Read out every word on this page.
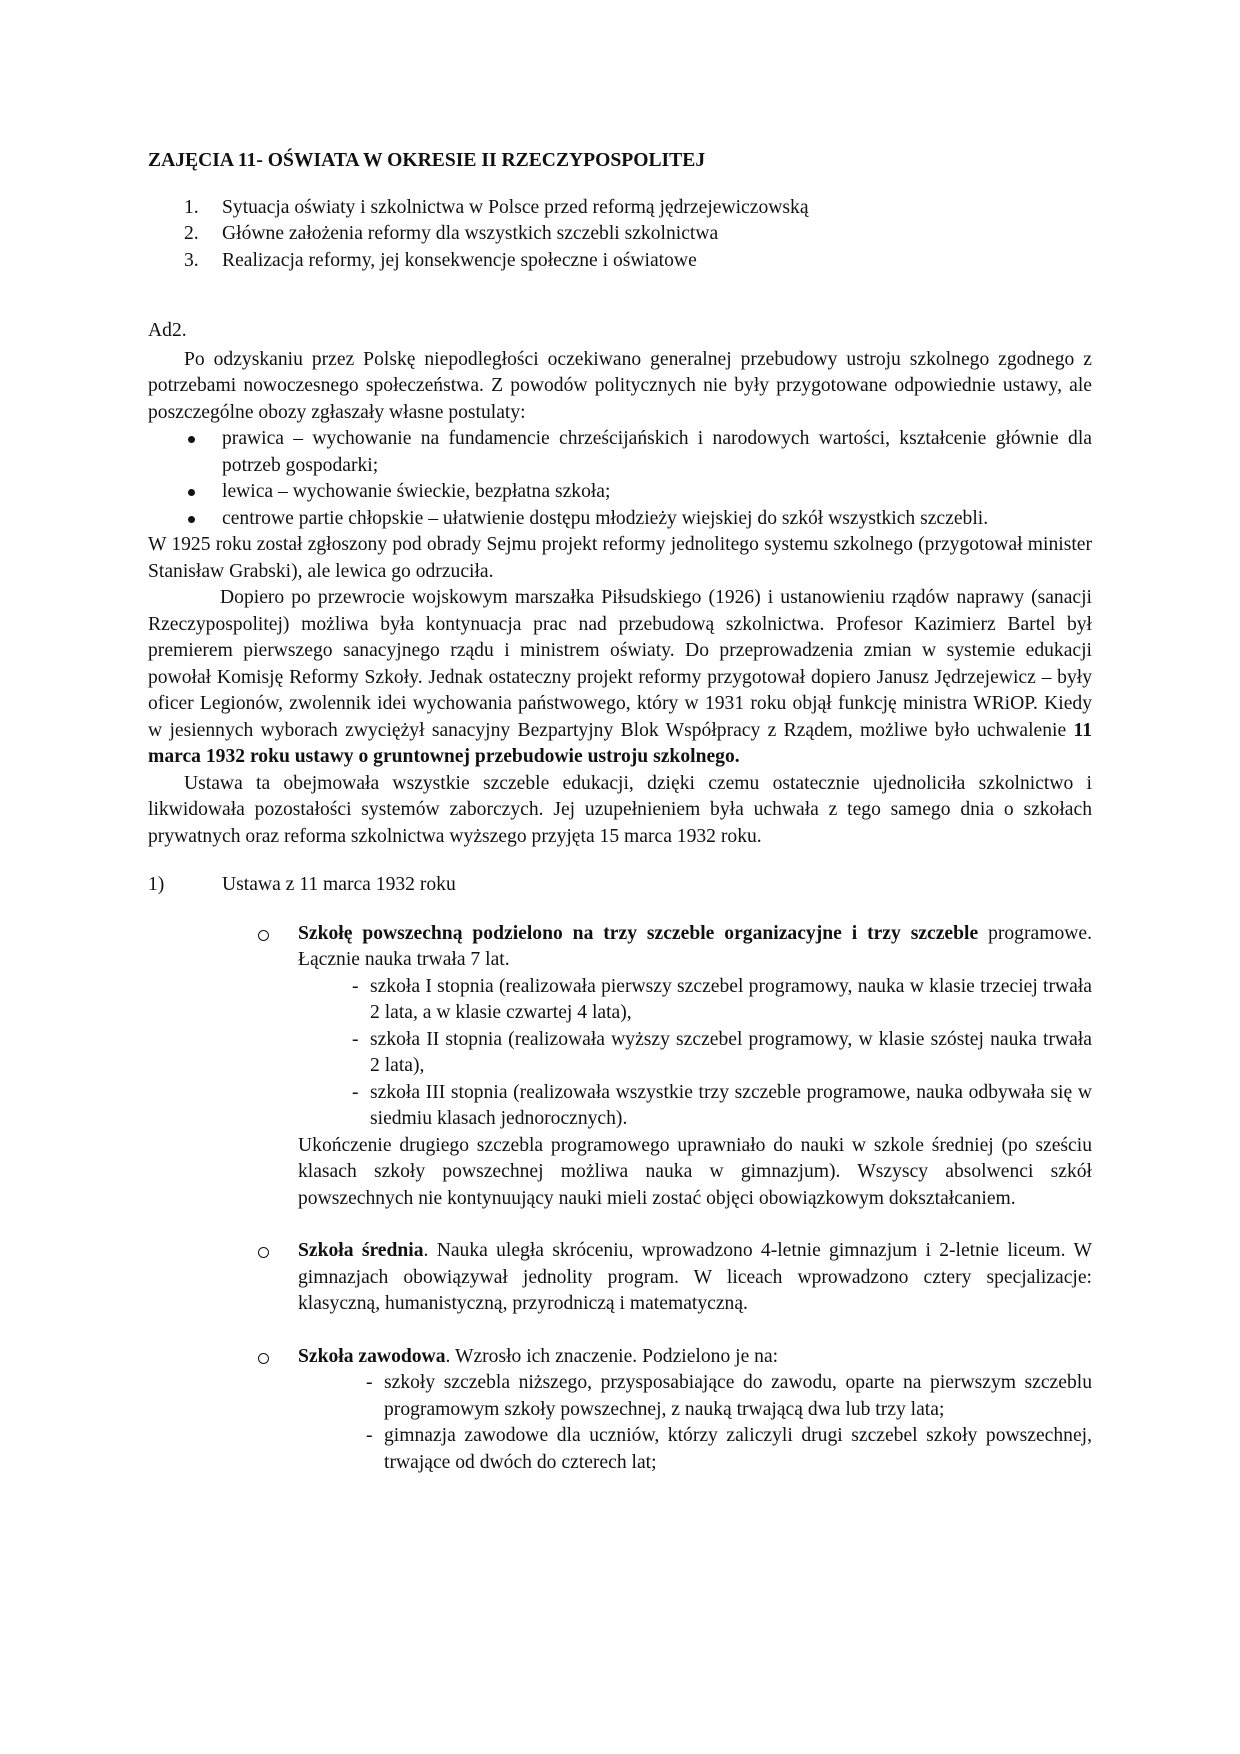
ZAJĘCIA 11- OŚWIATA W OKRESIE II RZECZYPOSPOLITEJ
1. Sytuacja oświaty i szkolnictwa w Polsce przed reformą jędrzejewiczowską
2. Główne założenia reformy dla wszystkich szczebli szkolnictwa
3. Realizacja reformy, jej konsekwencje społeczne i oświatowe
Ad2.

Po odzyskaniu przez Polskę niepodległości oczekiwano generalnej przebudowy ustroju szkolnego zgodnego z potrzebami nowoczesnego społeczeństwa. Z powodów politycznych nie były przygotowane odpowiednie ustawy, ale poszczególne obozy zgłaszały własne postulaty:

prawica – wychowanie na fundamencie chrześcijańskich i narodowych wartości, kształcenie głównie dla potrzeb gospodarki;
lewica – wychowanie świeckie, bezpłatna szkoła;
centrowe partie chłopskie – ułatwienie dostępu młodzieży wiejskiej do szkół wszystkich szczebli.

W 1925 roku został zgłoszony pod obrady Sejmu projekt reformy jednolitego systemu szkolnego (przygotował minister Stanisław Grabski), ale lewica go odrzuciła.

Dopiero po przewrocie wojskowym marszałka Piłsudskiego (1926) i ustanowieniu rządów naprawy (sanacji Rzeczypospolitej) możliwa była kontynuacja prac nad przebudową szkolnictwa. Profesor Kazimierz Bartel był premierem pierwszego sanacyjnego rządu i ministrem oświaty. Do przeprowadzenia zmian w systemie edukacji powołał Komisję Reformy Szkoły. Jednak ostateczny projekt reformy przygotował dopiero Janusz Jędrzejewicz – były oficer Legionów, zwolennik idei wychowania państwowego, który w 1931 roku objął funkcję ministra WRiOP. Kiedy w jesiennych wyborach zwyciężył sanacyjny Bezpartyjny Blok Współpracy z Rządem, możliwe było uchwalenie 11 marca 1932 roku ustawy o gruntownej przebudowie ustroju szkolnego.

Ustawa ta obejmowała wszystkie szczeble edukacji, dzięki czemu ostatecznie ujednoliciła szkolnictwo i likwidowała pozostałości systemów zaborczych. Jej uzupełnieniem była uchwała z tego samego dnia o szkołach prywatnych oraz reforma szkolnictwa wyższego przyjęta 15 marca 1932 roku.

1)	Ustawa z 11 marca 1932 roku
Szkołę powszechną podzielono na trzy szczeble organizacyjne i trzy szczeble programowe. Łącznie nauka trwała 7 lat.
- szkoła I stopnia (realizowała pierwszy szczebel programowy, nauka w klasie trzeciej trwała 2 lata, a w klasie czwartej 4 lata),
- szkoła II stopnia (realizowała wyższy szczebel programowy, w klasie szóstej nauka trwała 2 lata),
- szkoła III stopnia (realizowała wszystkie trzy szczeble programowe, nauka odbywała się w siedmiu klasach jednorocznych).
Ukończenie drugiego szczebla programowego uprawniało do nauki w szkole średniej (po sześciu klasach szkoły powszechnej możliwa nauka w gimnazjum). Wszyscy absolwenci szkół powszechnych nie kontynuujący nauki mieli zostać objęci obowiązkowym dokształcaniem.
Szkoła średnia. Nauka uległa skróceniu, wprowadzono 4-letnie gimnazjum i 2-letnie liceum. W gimnazjach obowiązywał jednolity program. W liceach wprowadzono cztery specjalizacje: klasyczną, humanistyczną, przyrodniczą i matematyczną.
Szkoła zawodowa. Wzrosło ich znaczenie. Podzielono je na:
- szkoły szczebla niższego, przysposabiające do zawodu, oparte na pierwszym szczeblu programowym szkoły powszechnej, z nauką trwającą dwa lub trzy lata;
- gimnazja zawodowe dla uczniów, którzy zaliczyli drugi szczebel szkoły powszechnej, trwające od dwóch do czterech lat;
